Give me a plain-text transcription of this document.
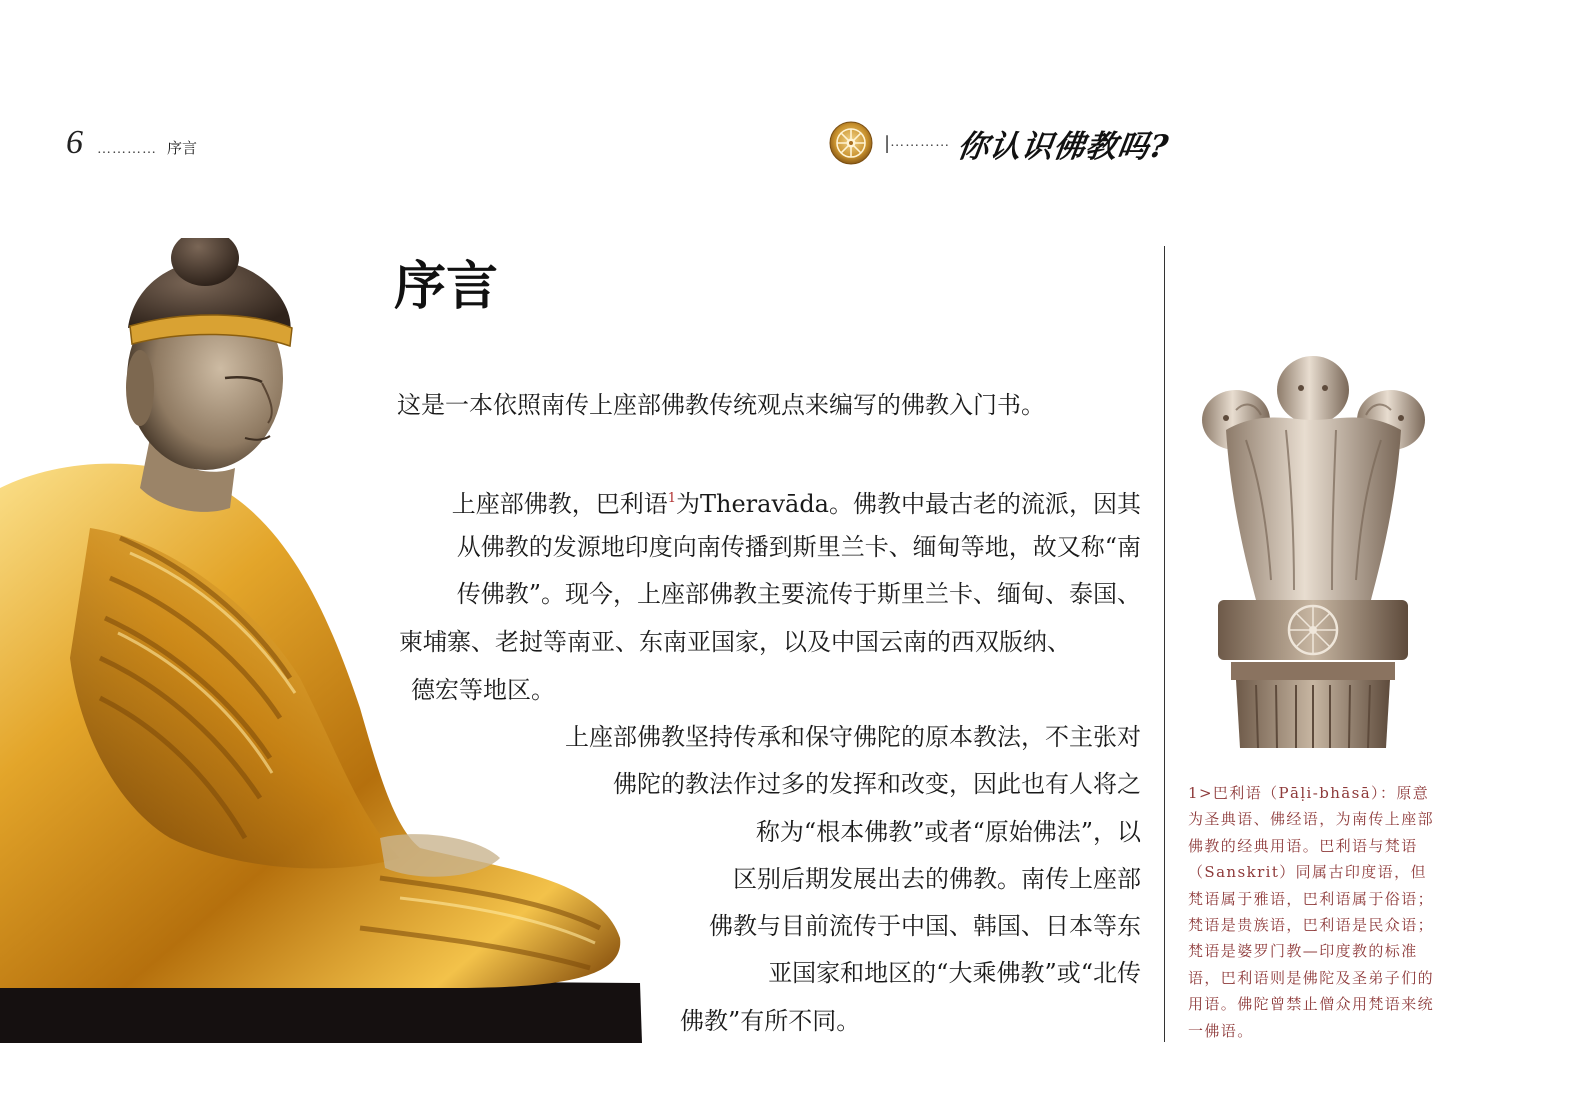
6 ………… 序言	| ………… 你认识佛教吗?
序言
这是一本依照南传上座部佛教传统观点来编写的佛教入门书。
上座部佛教，巴利语$^1$为Theravāda。佛教中最古老的流派，因其
从佛教的发源地印度向南传播到斯里兰卡、缅甸等地，故又称“南
传佛教”。现今，上座部佛教主要流传于斯里兰卡、缅甸、泰国、
柬埔寨、老挝等南亚、东南亚国家，以及中国云南的西双版纳、
德宏等地区。
上座部佛教坚持传承和保守佛陀的原本教法，不主张对
佛陀的教法作过多的发挥和改变，因此也有人将之
称为“根本佛教”或者“原始佛法”，以
区别后期发展出去的佛教。南传上座部
佛教与目前流传于中国、韩国、日本等东
亚国家和地区的“大乘佛教”或“北传
佛教”有所不同。
1>巴利语（Pāḷi-bhāsā）：原意为圣典语、佛经语，为南传上座部佛教的经典用语。巴利语与梵语（Sanskrit）同属古印度语，但梵语属于雅语，巴利语属于俗语；梵语是贵族语，巴利语是民众语；梵语是婆罗门教—印度教的标准语，巴利语则是佛陀及圣弟子们的用语。佛陀曾禁止僧众用梵语来统一佛语。
